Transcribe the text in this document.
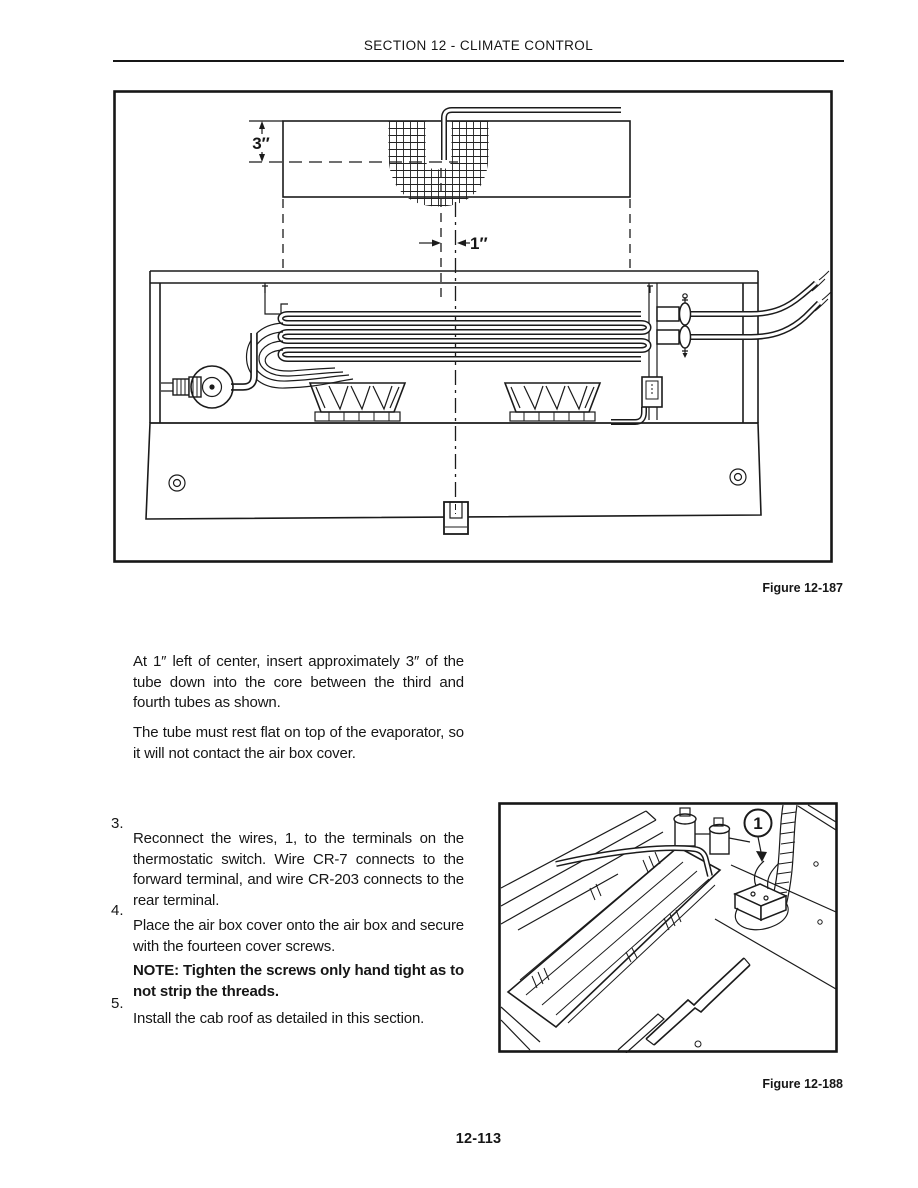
SECTION 12 - CLIMATE CONTROL
3″
1″
Figure 12-187

At 1″ left of center, insert approximately 3″ of the tube down into the core between the third and fourth tubes as shown.

The tube must rest flat on top of the evaporator, so it will not contact the air box cover.

3.

Reconnect the wires, 1, to the terminals on the thermostatic switch. Wire CR-7 connects to the forward terminal, and wire CR-203 connects to the rear terminal.

4.

Place the air box cover onto the air box and secure with the fourteen cover screws.

NOTE: Tighten the screws only hand tight as to not strip the threads.

5.

Install the cab roof as detailed in this section.

1
Figure 12-188
12-113
